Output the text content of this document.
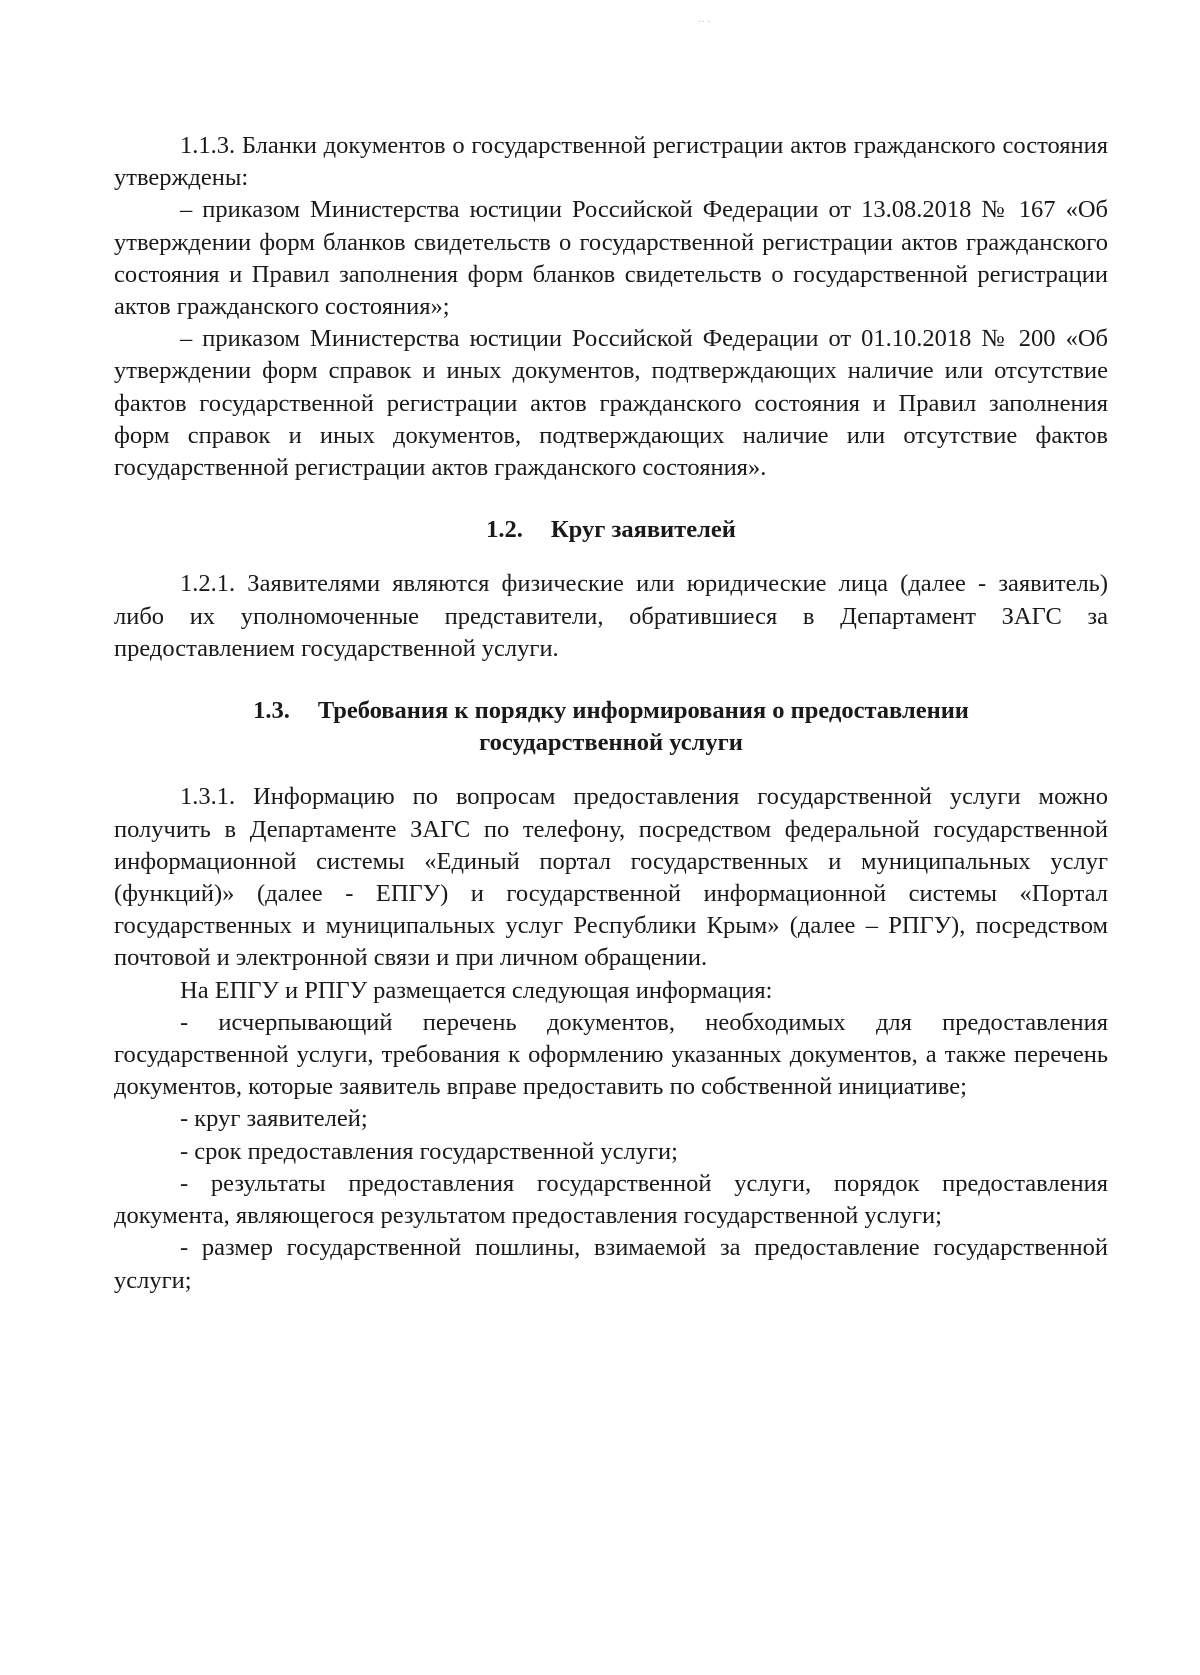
·· ·

1.1.3. Бланки документов о государственной регистрации актов гражданского состояния утверждены:

– приказом Министерства юстиции Российской Федерации от 13.08.2018 № 167 «Об утверждении форм бланков свидетельств о государственной регистрации актов гражданского состояния и Правил заполнения форм бланков свидетельств о государственной регистрации актов гражданского состояния»;

– приказом Министерства юстиции Российской Федерации от 01.10.2018 № 200 «Об утверждении форм справок и иных документов, подтверждающих наличие или отсутствие фактов государственной регистрации актов гражданского состояния и Правил заполнения форм справок и иных документов, подтверждающих наличие или отсутствие фактов государственной регистрации актов гражданского состояния».

1.2. Круг заявителей

1.2.1. Заявителями являются физические или юридические лица (далее - заявитель) либо их уполномоченные представители, обратившиеся в Департамент ЗАГС за предоставлением государственной услуги.

1.3. Требования к порядку информирования о предоставлении

государственной услуги

1.3.1. Информацию по вопросам предоставления государственной услуги можно получить в Департаменте ЗАГС по телефону, посредством федеральной государственной информационной системы «Единый портал государственных и муниципальных услуг (функций)» (далее - ЕПГУ) и государственной информационной системы «Портал государственных и муниципальных услуг Республики Крым» (далее – РПГУ), посредством почтовой и электронной связи и при личном обращении.

На ЕПГУ и РПГУ размещается следующая информация:

- исчерпывающий перечень документов, необходимых для предоставления государственной услуги, требования к оформлению указанных документов, а также перечень документов, которые заявитель вправе предоставить по собственной инициативе;

- круг заявителей;

- срок предоставления государственной услуги;

- результаты предоставления государственной услуги, порядок предоставления документа, являющегося результатом предоставления государственной услуги;

- размер государственной пошлины, взимаемой за предоставление государственной услуги;
